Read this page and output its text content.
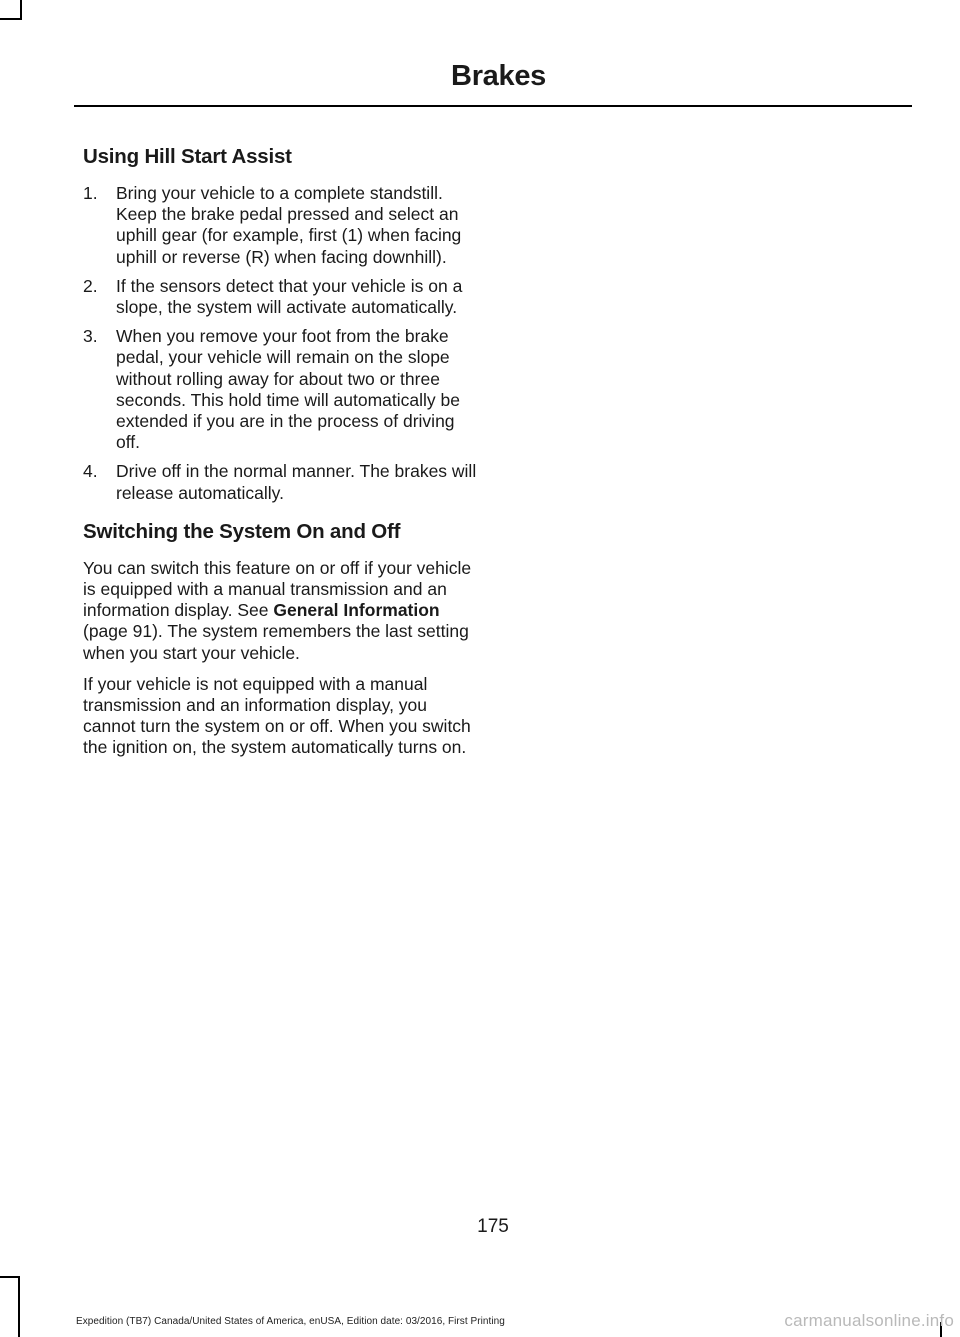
Brakes
Using Hill Start Assist
1. Bring your vehicle to a complete standstill. Keep the brake pedal pressed and select an uphill gear (for example, first (1) when facing uphill or reverse (R) when facing downhill).
2. If the sensors detect that your vehicle is on a slope, the system will activate automatically.
3. When you remove your foot from the brake pedal, your vehicle will remain on the slope without rolling away for about two or three seconds. This hold time will automatically be extended if you are in the process of driving off.
4. Drive off in the normal manner. The brakes will release automatically.
Switching the System On and Off

You can switch this feature on or off if your vehicle is equipped with a manual transmission and an information display. See General Information (page 91). The system remembers the last setting when you start your vehicle.

If your vehicle is not equipped with a manual transmission and an information display, you cannot turn the system on or off. When you switch the ignition on, the system automatically turns on.

175
Expedition (TB7) Canada/United States of America, enUSA, Edition date: 03/2016, First Printing	carmanualsonline.info
